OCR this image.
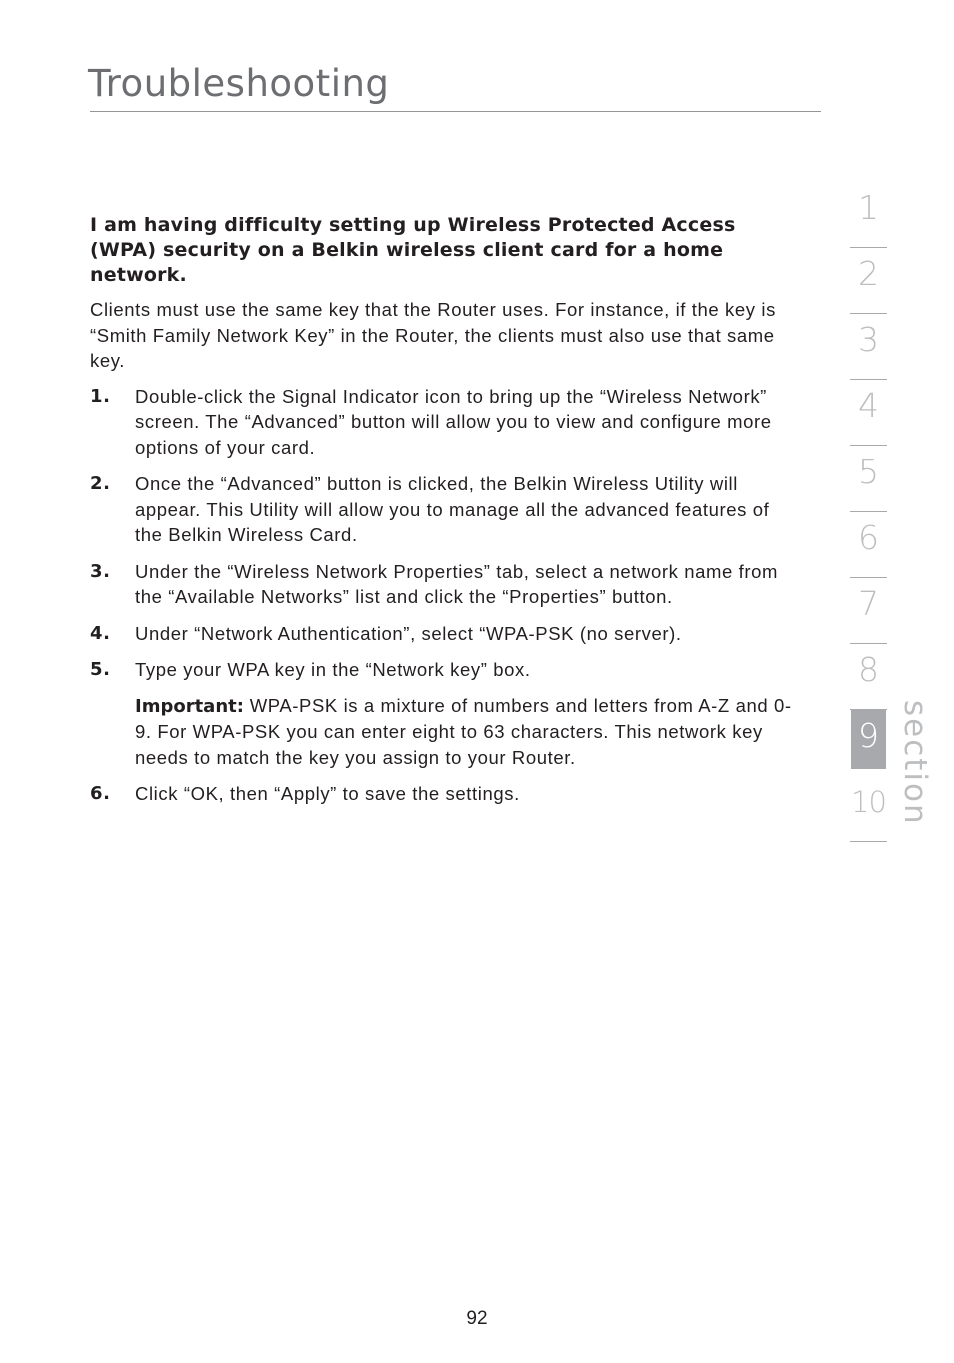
Troubleshooting

I am having difficulty setting up Wireless Protected Access (WPA) security on a Belkin wireless client card for a home network.

Clients must use the same key that the Router uses. For instance, if the key is “Smith Family Network Key” in the Router, the clients must also use that same key.

1. Double-click the Signal Indicator icon to bring up the “Wireless Network” screen. The “Advanced” button will allow you to view and configure more options of your card.
2. Once the “Advanced” button is clicked, the Belkin Wireless Utility will appear. This Utility will allow you to manage all the advanced features of the Belkin Wireless Card.
3. Under the “Wireless Network Properties” tab, select a network name from the “Available Networks” list and click the “Properties” button.
4. Under “Network Authentication”, select “WPA-PSK (no server).
5. Type your WPA key in the “Network key” box.
Important: WPA-PSK is a mixture of numbers and letters from A-Z and 0-9. For WPA-PSK you can enter eight to 63 characters. This network key needs to match the key you assign to your Router.
6. Click “OK, then “Apply” to save the settings.
1
2
3
4
5
6
7
8
9
10 section
92
